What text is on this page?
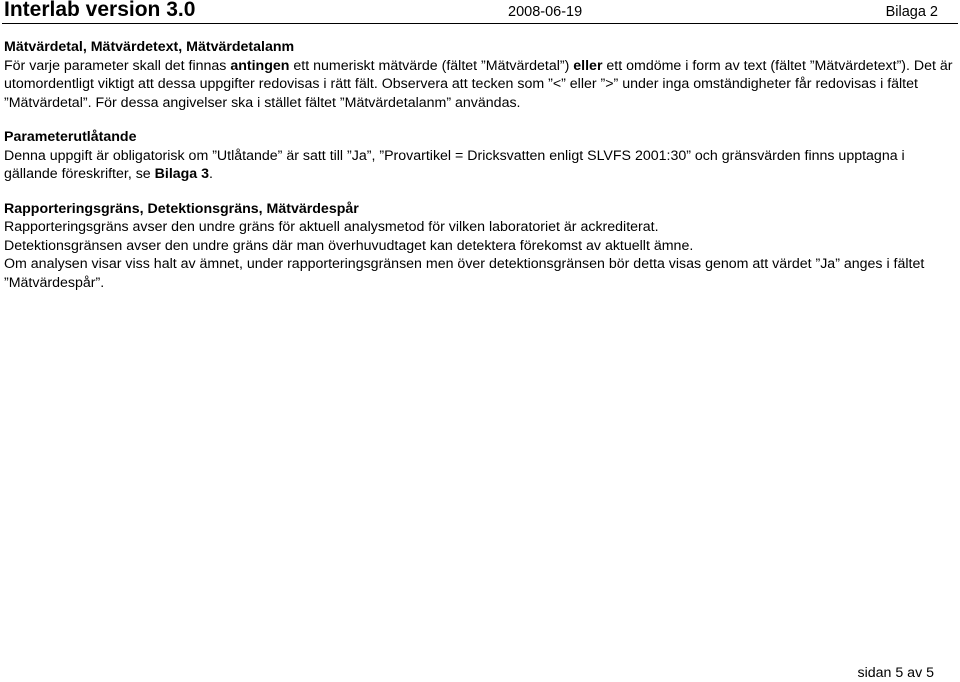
Interlab version 3.0	2008-06-19	Bilaga 2
Mätvärdetal, Mätvärdetext, Mätvärdetalanm
För varje parameter skall det finnas antingen ett numeriskt mätvärde (fältet ”Mätvärdetal”) eller ett omdöme i form av text (fältet ”Mätvärdetext”). Det är utomordentligt viktigt att dessa uppgifter redovisas i rätt fält. Observera att tecken som ”<” eller ”>” under inga omständigheter får redovisas i fältet ”Mätvärdetal”. För dessa angivelser ska i stället fältet ”Mätvärdetalanm” användas.
Parameterutlåtande
Denna uppgift är obligatorisk om ”Utlåtande” är satt till ”Ja”, ”Provartikel = Dricksvatten enligt SLVFS 2001:30” och gränsvärden finns upptagna i gällande föreskrifter, se Bilaga 3.
Rapporteringsgräns, Detektionsgräns, Mätvärdespår
Rapporteringsgräns avser den undre gräns för aktuell analysmetod för vilken laboratoriet är ackrediterat.
Detektionsgränsen avser den undre gräns där man överhuvudtaget kan detektera förekomst av aktuellt ämne.
Om analysen visar viss halt av ämnet, under rapporteringsgränsen men över detektionsgränsen bör detta visas genom att värdet ”Ja” anges i fältet ”Mätvärdespår”.
sidan 5 av 5
